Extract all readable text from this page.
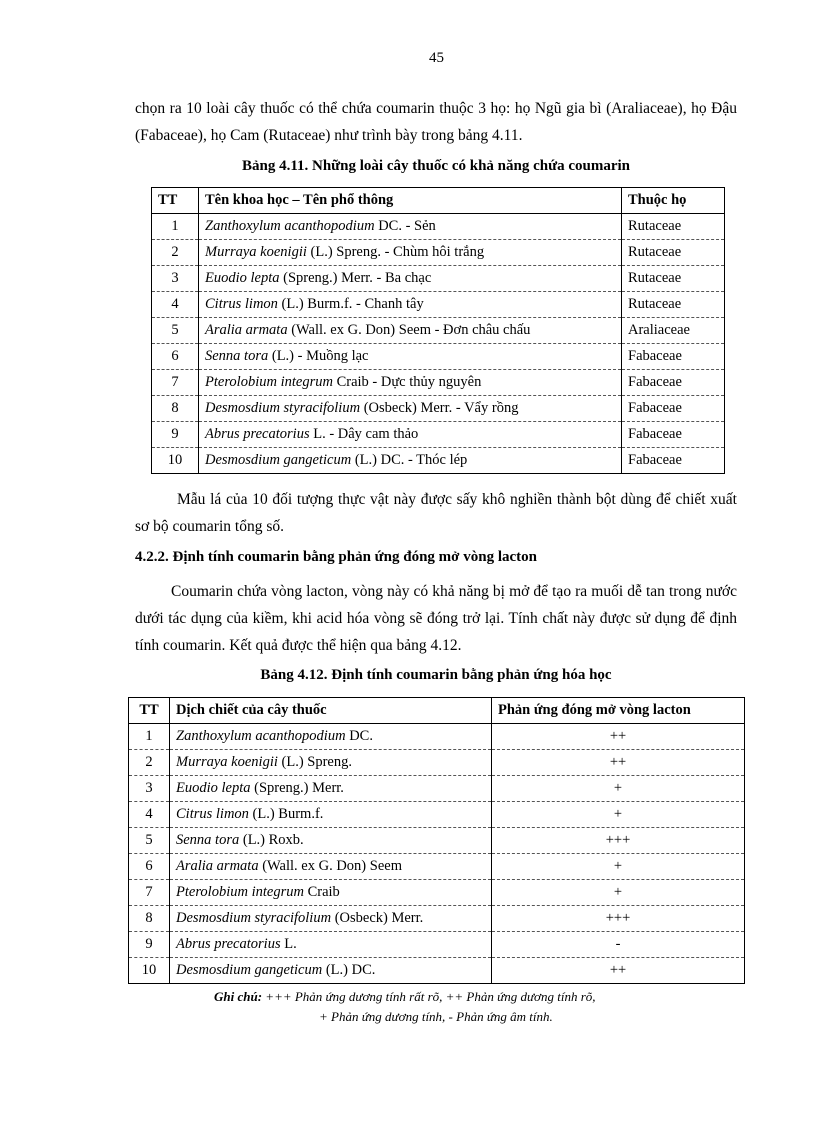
45

chọn ra 10 loài cây thuốc có thể chứa coumarin thuộc 3 họ: họ Ngũ gia bì (Araliaceae), họ Đậu (Fabaceae), họ Cam (Rutaceae) như trình bày trong bảng 4.11.

Bảng 4.11. Những loài cây thuốc có khả năng chứa coumarin
TT	Tên khoa học – Tên phổ thông	Thuộc họ
1	Zanthoxylum acanthopodium DC. - Sẻn	Rutaceae
2	Murraya koenigii (L.) Spreng. - Chùm hôi trắng	Rutaceae
3	Euodio lepta (Spreng.) Merr. - Ba chạc	Rutaceae
4	Citrus limon (L.) Burm.f. - Chanh tây	Rutaceae
5	Aralia armata (Wall. ex G. Don) Seem - Đơn châu chấu	Araliaceae
6	Senna tora (L.) - Muồng lạc	Fabaceae
7	Pterolobium integrum Craib - Dực thủy nguyên	Fabaceae
8	Desmosdium styracifolium (Osbeck) Merr. - Vẩy rồng	Fabaceae
9	Abrus precatorius L. - Dây cam thảo	Fabaceae
10	Desmosdium gangeticum (L.) DC. - Thóc lép	Fabaceae

Mẫu lá của 10 đối tượng thực vật này được sấy khô nghiền thành bột dùng để chiết xuất sơ bộ coumarin tổng số.

4.2.2. Định tính coumarin bằng phản ứng đóng mở vòng lacton

Coumarin chứa vòng lacton, vòng này có khả năng bị mở để tạo ra muối dễ tan trong nước dưới tác dụng của kiềm, khi acid hóa vòng sẽ đóng trở lại. Tính chất này được sử dụng để định tính coumarin. Kết quả được thể hiện qua bảng 4.12.

Bảng 4.12. Định tính coumarin bằng phản ứng hóa học
TT	Dịch chiết của cây thuốc	Phản ứng đóng mở vòng lacton
1	Zanthoxylum acanthopodium DC.	++
2	Murraya koenigii (L.) Spreng.	++
3	Euodio lepta (Spreng.) Merr.	+
4	Citrus limon (L.) Burm.f.	+
5	Senna tora (L.) Roxb.	+++
6	Aralia armata (Wall. ex G. Don) Seem	+
7	Pterolobium integrum Craib	+
8	Desmosdium styracifolium (Osbeck) Merr.	+++
9	Abrus precatorius L.	-
10	Desmosdium gangeticum (L.) DC.	++
Ghi chú: +++ Phản ứng dương tính rất rõ, ++ Phản ứng dương tính rõ,
+ Phản ứng dương tính, - Phản ứng âm tính.
